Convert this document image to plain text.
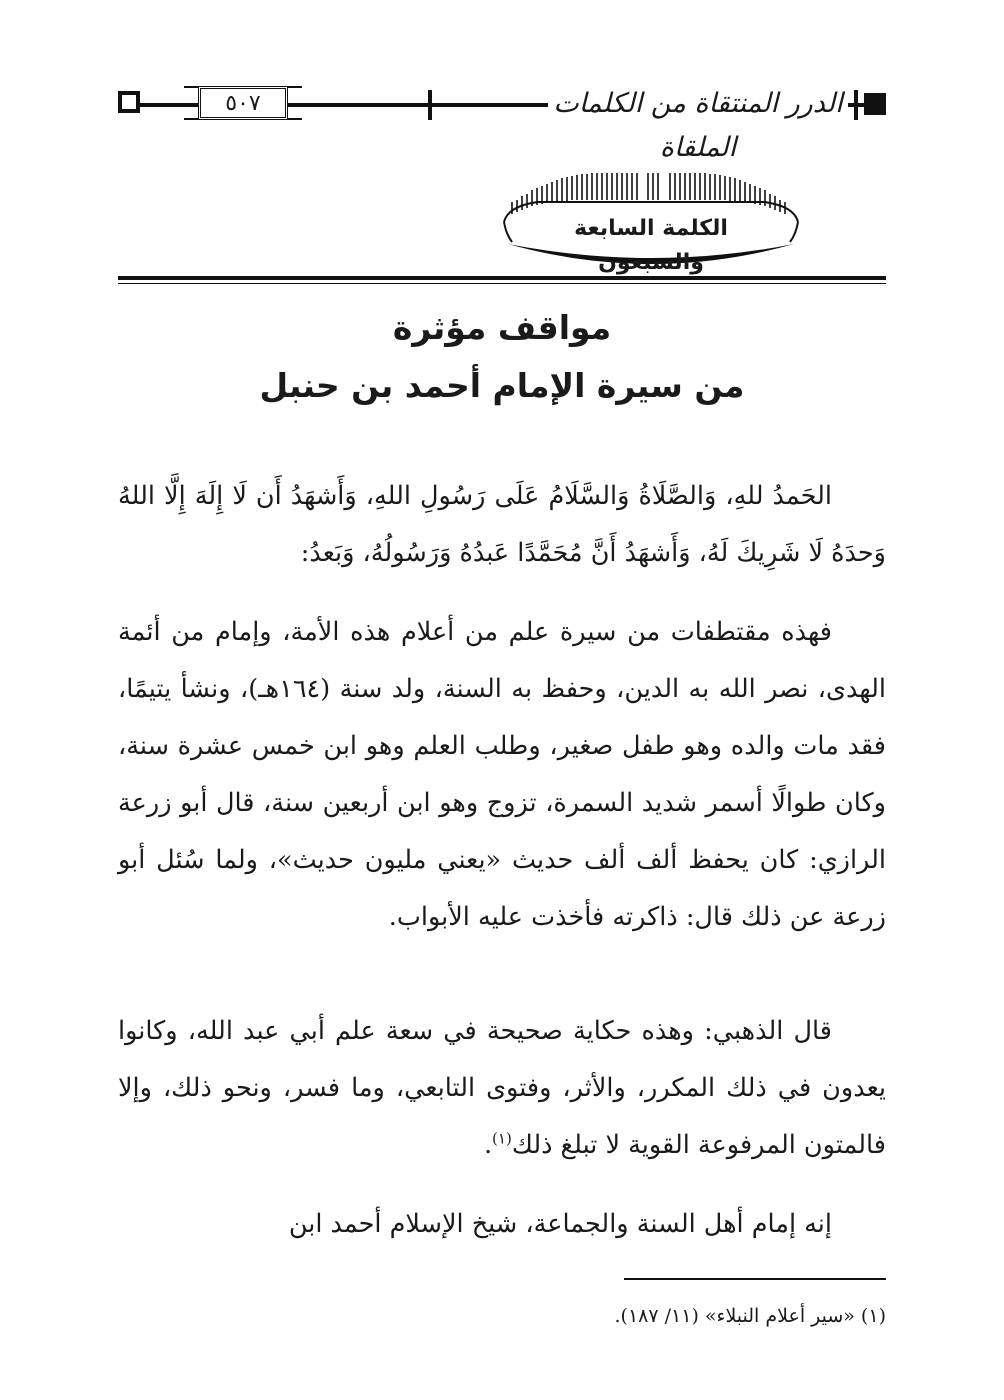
٥٠٧	الدرر المنتقاة من الكلمات الملقاة
الكلمة السابعة والسبعون
مواقف مؤثرة
من سيرة الإمام أحمد بن حنبل

الحَمدُ للهِ، وَالصَّلَاةُ وَالسَّلَامُ عَلَى رَسُولِ اللهِ، وَأَشهَدُ أَن لَا إِلَهَ إِلَّا اللهُ وَحدَهُ لَا شَرِيكَ لَهُ، وَأَشهَدُ أَنَّ مُحَمَّدًا عَبدُهُ وَرَسُولُهُ، وَبَعدُ:

فهذه مقتطفات من سيرة علم من أعلام هذه الأمة، وإمام من أئمة الهدى، نصر الله به الدين، وحفظ به السنة، ولد سنة (١٦٤هـ)، ونشأ يتيمًا، فقد مات والده وهو طفل صغير، وطلب العلم وهو ابن خمس عشرة سنة، وكان طوالًا أسمر شديد السمرة، تزوج وهو ابن أربعين سنة، قال أبو زرعة الرازي: كان يحفظ ألف ألف حديث «يعني مليون حديث»، ولما سُئل أبو زرعة عن ذلك قال: ذاكرته فأخذت عليه الأبواب.

قال الذهبي: وهذه حكاية صحيحة في سعة علم أبي عبد الله، وكانوا يعدون في ذلك المكرر، والأثر، وفتوى التابعي، وما فسر، ونحو ذلك، وإلا فالمتون المرفوعة القوية لا تبلغ ذلك$^{(١)}$.

إنه إمام أهل السنة والجماعة، شيخ الإسلام أحمد ابن

(١) «سير أعلام النبلاء» (١١/ ١٨٧).
